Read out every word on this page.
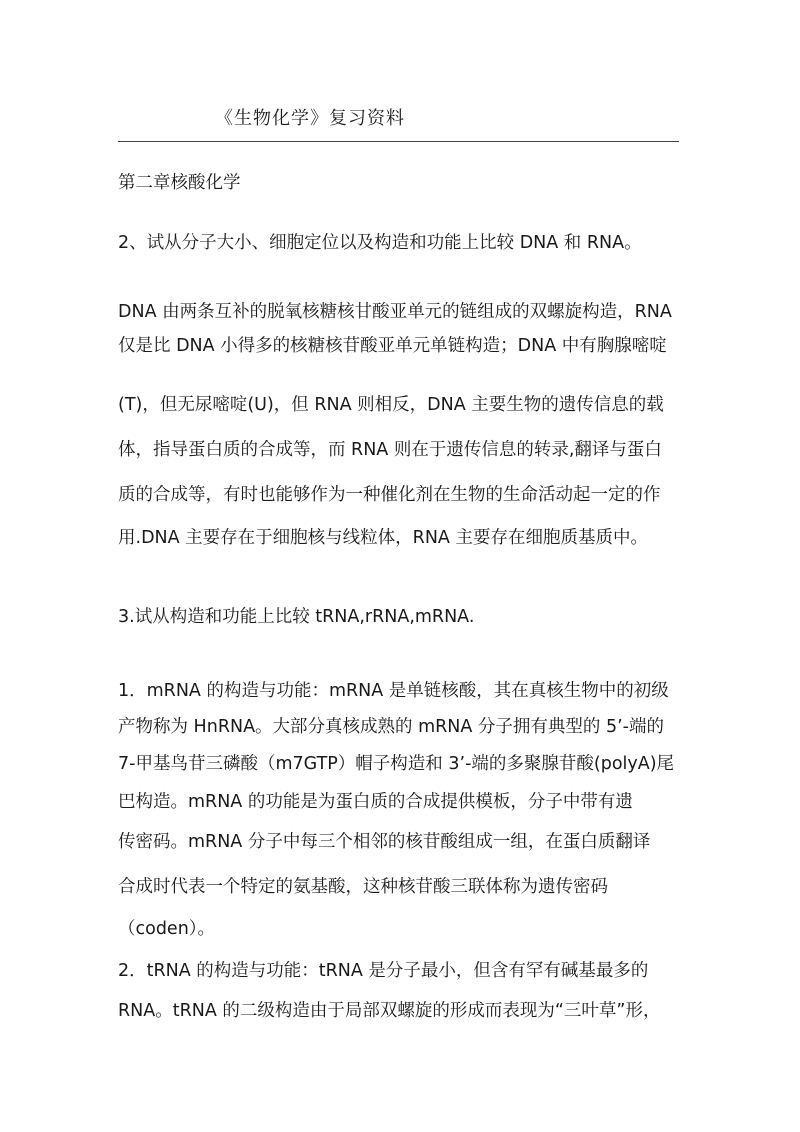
《生物化学》复习资料
第二章核酸化学
2、试从分子大小、细胞定位以及构造和功能上比较 DNA 和 RNA。
DNA 由两条互补的脱氧核糖核甘酸亚单元的链组成的双螺旋构造，RNA
仅是比 DNA 小得多的核糖核苷酸亚单元单链构造；DNA 中有胸腺嘧啶
(T)，但无尿嘧啶(U)，但 RNA 则相反，DNA 主要生物的遗传信息的载
体，指导蛋白质的合成等，而 RNA 则在于遗传信息的转录,翻译与蛋白
质的合成等，有时也能够作为一种催化剂在生物的生命活动起一定的作
用.DNA 主要存在于细胞核与线粒体，RNA 主要存在细胞质基质中。
3.试从构造和功能上比较 tRNA,rRNA,mRNA.
1．mRNA 的构造与功能：mRNA 是单链核酸，其在真核生物中的初级
产物称为 HnRNA。大部分真核成熟的 mRNA 分子拥有典型的 5’-端的
7-甲基鸟苷三磷酸（m7GTP）帽子构造和 3’-端的多聚腺苷酸(polyA)尾
巴构造。mRNA 的功能是为蛋白质的合成提供模板，分子中带有遗
传密码。mRNA 分子中每三个相邻的核苷酸组成一组，在蛋白质翻译
合成时代表一个特定的氨基酸，这种核苷酸三联体称为遗传密码
（coden）。
2．tRNA 的构造与功能：tRNA 是分子最小，但含有罕有碱基最多的
RNA。tRNA 的二级构造由于局部双螺旋的形成而表现为“三叶草”形，
